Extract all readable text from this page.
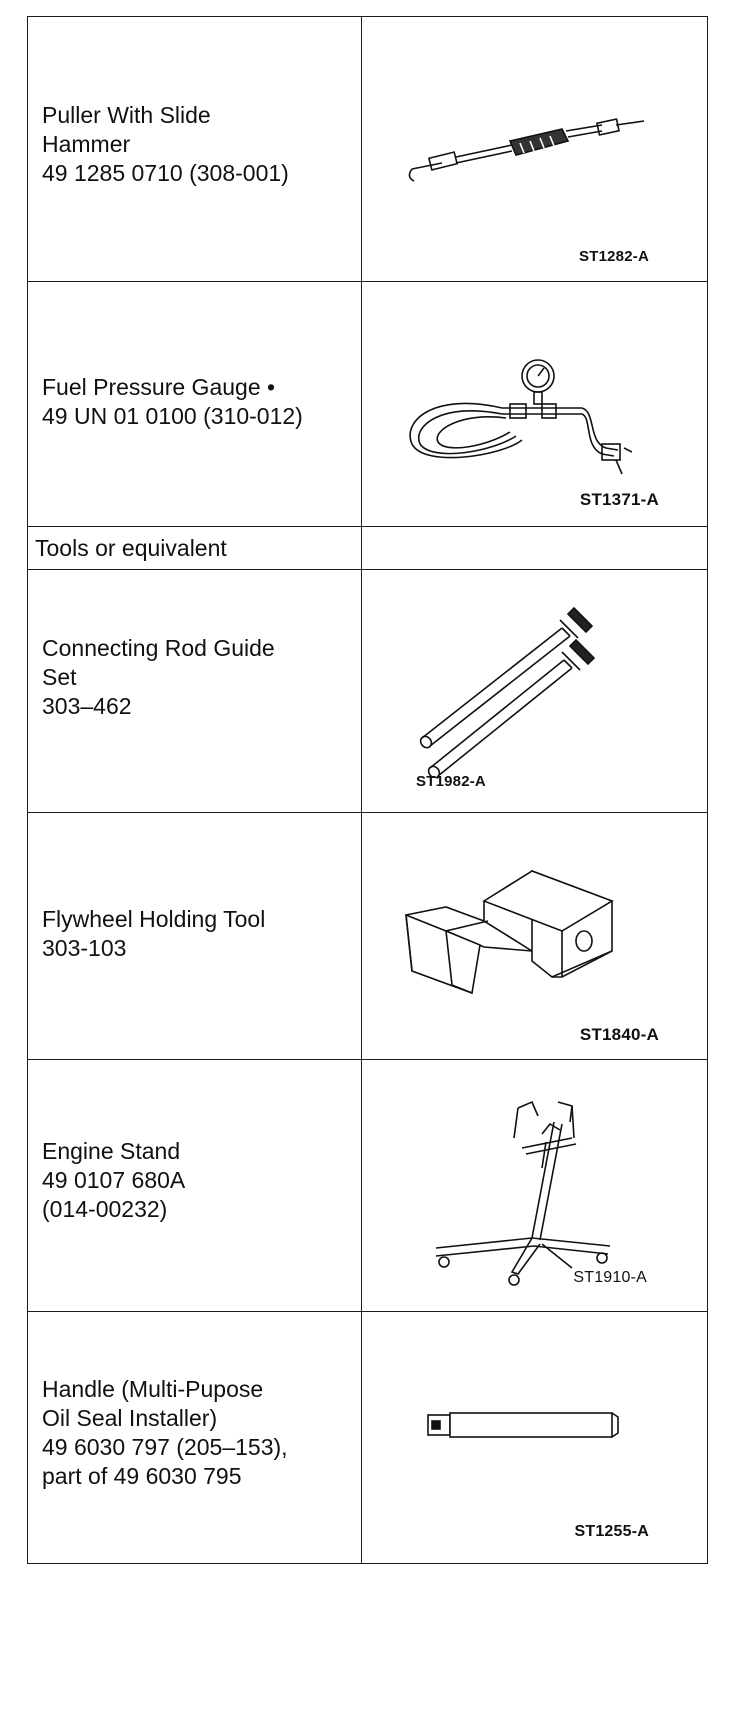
Puller With Slide
Hammer
49 1285 0710 (308-001)	ST1282-A

Fuel Pressure Gauge •
49 UN 01 0100 (310-012)	ST1371-A

Tools or equivalent	

Connecting Rod Guide
Set
303–462	ST1982-A

Flywheel Holding Tool
303-103	ST1840-A

Engine Stand
49 0107 680A
(014-00232)	ST1910-A

Handle (Multi-Pupose
Oil Seal Installer)
49 6030 797 (205–153),
part of 49 6030 795	ST1255-A
